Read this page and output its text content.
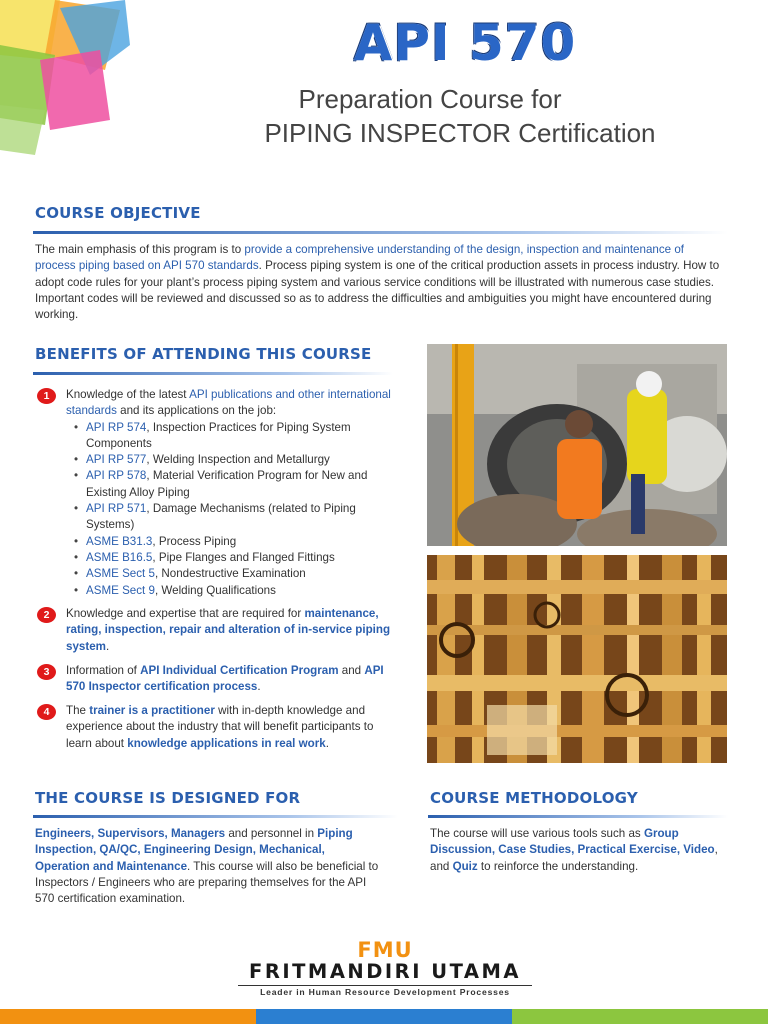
API 570
Preparation Course for
PIPING INSPECTOR Certification
COURSE OBJECTIVE
The main emphasis of this program is to provide a comprehensive understanding of the design, inspection and maintenance of process piping based on API 570 standards. Process piping system is one of the critical production assets in process industry. How to adopt code rules for your plant’s process piping system and various service conditions will be illustrated with numerous case studies. Important codes will be reviewed and discussed so as to address the difficulties and ambiguities you might have encountered during working.
BENEFITS OF ATTENDING THIS COURSE
1	Knowledge of the latest API publications and other international standards and its applications on the job:
• API RP 574, Inspection Practices for Piping System Components
• API RP 577, Welding Inspection and Metallurgy
• API RP 578, Material Verification Program for New and Existing Alloy Piping
• API RP 571, Damage Mechanisms (related to Piping Systems)
• ASME B31.3, Process Piping
• ASME B16.5, Pipe Flanges and Flanged Fittings
• ASME Sect 5, Nondestructive Examination
• ASME Sect 9, Welding Qualifications
2	Knowledge and expertise that are required for maintenance, rating, inspection, repair and alteration of in-service piping system.
3	Information of API Individual Certification Program and API 570 Inspector certification process.
4	The trainer is a practitioner with in-depth knowledge and experience about the industry that will benefit participants to learn about knowledge applications in real work.
THE COURSE IS DESIGNED FOR
Engineers, Supervisors, Managers and personnel in Piping Inspection, QA/QC, Engineering Design, Mechanical, Operation and Maintenance. This course will also be beneficial to Inspectors / Engineers who are preparing themselves for the API 570 certification examination.
COURSE METHODOLOGY
The course will use various tools such as Group Discussion, Case Studies, Practical Exercise, Video, and Quiz to reinforce the understanding.
FMU
FRITMANDIRI UTAMA
Leader in Human Resource Development Processes
